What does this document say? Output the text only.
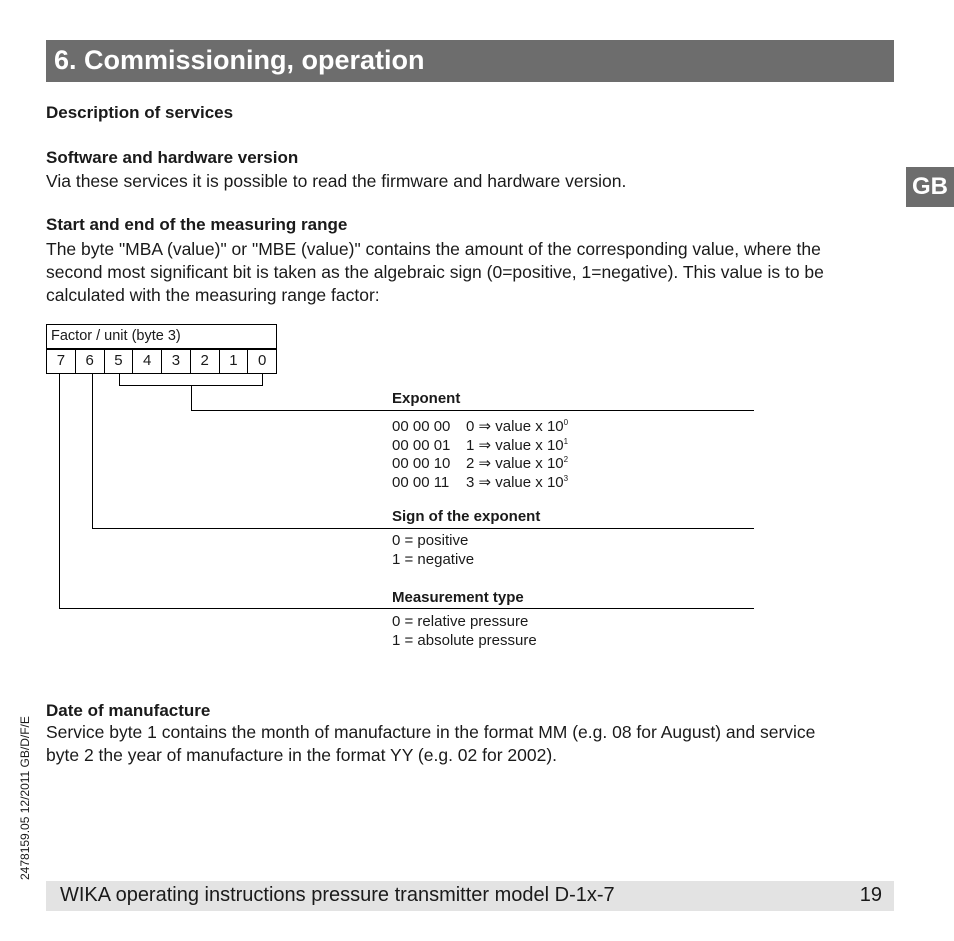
6. Commissioning, operation
GB
Description of services
Software and hardware version

Via these services it is possible to read the firmware and hardware version.

Start and end of the measuring range

The byte "MBA (value)" or "MBE (value)" contains the amount of the corresponding value, where the

second most significant bit is taken as the algebraic sign (0=positive, 1=negative). This value is to be

calculated with the measuring range factor:

Factor / unit (byte 3)
7	6	5	4	3	2	1	0
Exponent
00 00 00 0 ⇒ value x $10^0$
00 00 01 1 ⇒ value x $10^1$
00 00 10 2 ⇒ value x $10^2$
00 00 11 3 ⇒ value x $10^3$
Sign of the exponent
0 = positive
1 = negative
Measurement type
0 = relative pressure
1 = absolute pressure
Date of manufacture

Service byte 1 contains the month of manufacture in the format MM (e.g. 08 for August) and service

byte 2 the year of manufacture in the format YY (e.g. 02 for 2002).

2478159.05 12/2011 GB/D/F/E
WIKA operating instructions pressure transmitter model D-1x-7	19
